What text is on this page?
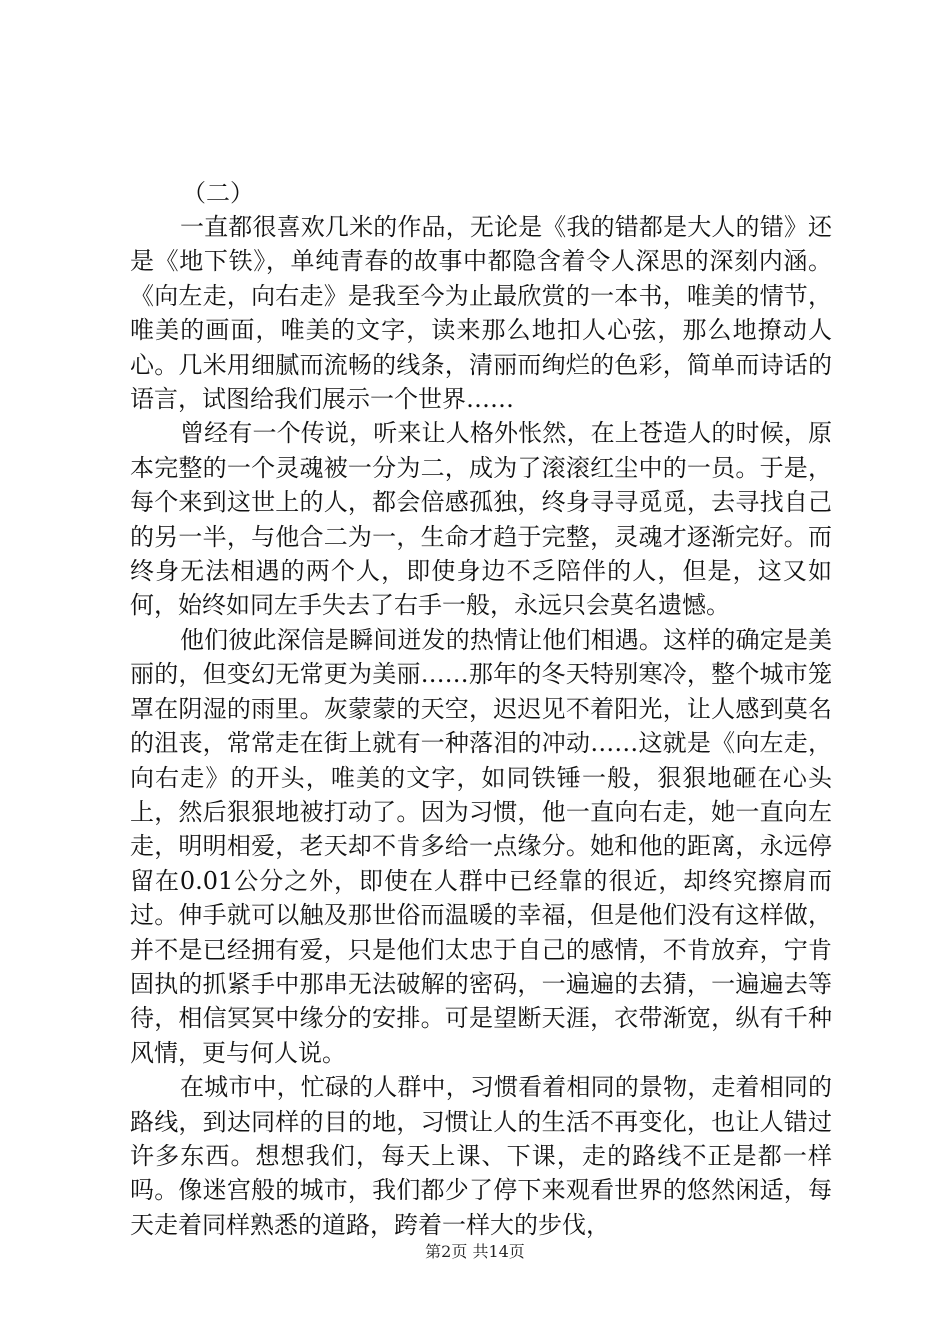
（二）

一直都很喜欢几米的作品，无论是《我的错都是大人的错》还是《地下铁》，单纯青春的故事中都隐含着令人深思的深刻内涵。《向左走，向右走》是我至今为止最欣赏的一本书，唯美的情节，唯美的画面，唯美的文字，读来那么地扣人心弦，那么地撩动人心。几米用细腻而流畅的线条，清丽而绚烂的色彩，简单而诗话的语言，试图给我们展示一个世界……

曾经有一个传说，听来让人格外怅然，在上苍造人的时候，原本完整的一个灵魂被一分为二，成为了滚滚红尘中的一员。于是，每个来到这世上的人，都会倍感孤独，终身寻寻觅觅，去寻找自己的另一半，与他合二为一，生命才趋于完整，灵魂才逐渐完好。而终身无法相遇的两个人，即使身边不乏陪伴的人，但是，这又如何，始终如同左手失去了右手一般，永远只会莫名遗憾。

他们彼此深信是瞬间迸发的热情让他们相遇。这样的确定是美丽的，但变幻无常更为美丽……那年的冬天特别寒冷，整个城市笼罩在阴湿的雨里。灰蒙蒙的天空，迟迟见不着阳光，让人感到莫名的沮丧，常常走在街上就有一种落泪的冲动……这就是《向左走，向右走》的开头，唯美的文字，如同铁锤一般，狠狠地砸在心头上，然后狠狠地被打动了。因为习惯，他一直向右走，她一直向左走，明明相爱，老天却不肯多给一点缘分。她和他的距离，永远停留在0.01公分之外，即使在人群中已经靠的很近，却终究擦肩而过。伸手就可以触及那世俗而温暖的幸福，但是他们没有这样做，并不是已经拥有爱，只是他们太忠于自己的感情，不肯放弃，宁肯固执的抓紧手中那串无法破解的密码，一遍遍的去猜，一遍遍去等待，相信冥冥中缘分的安排。可是望断天涯，衣带渐宽，纵有千种风情，更与何人说。

在城市中，忙碌的人群中，习惯看着相同的景物，走着相同的路线，到达同样的目的地，习惯让人的生活不再变化，也让人错过许多东西。想想我们，每天上课、下课，走的路线不正是都一样吗。像迷宫般的城市，我们都少了停下来观看世界的悠然闲适，每天走着同样熟悉的道路，跨着一样大的步伐，

第2页 共14页
